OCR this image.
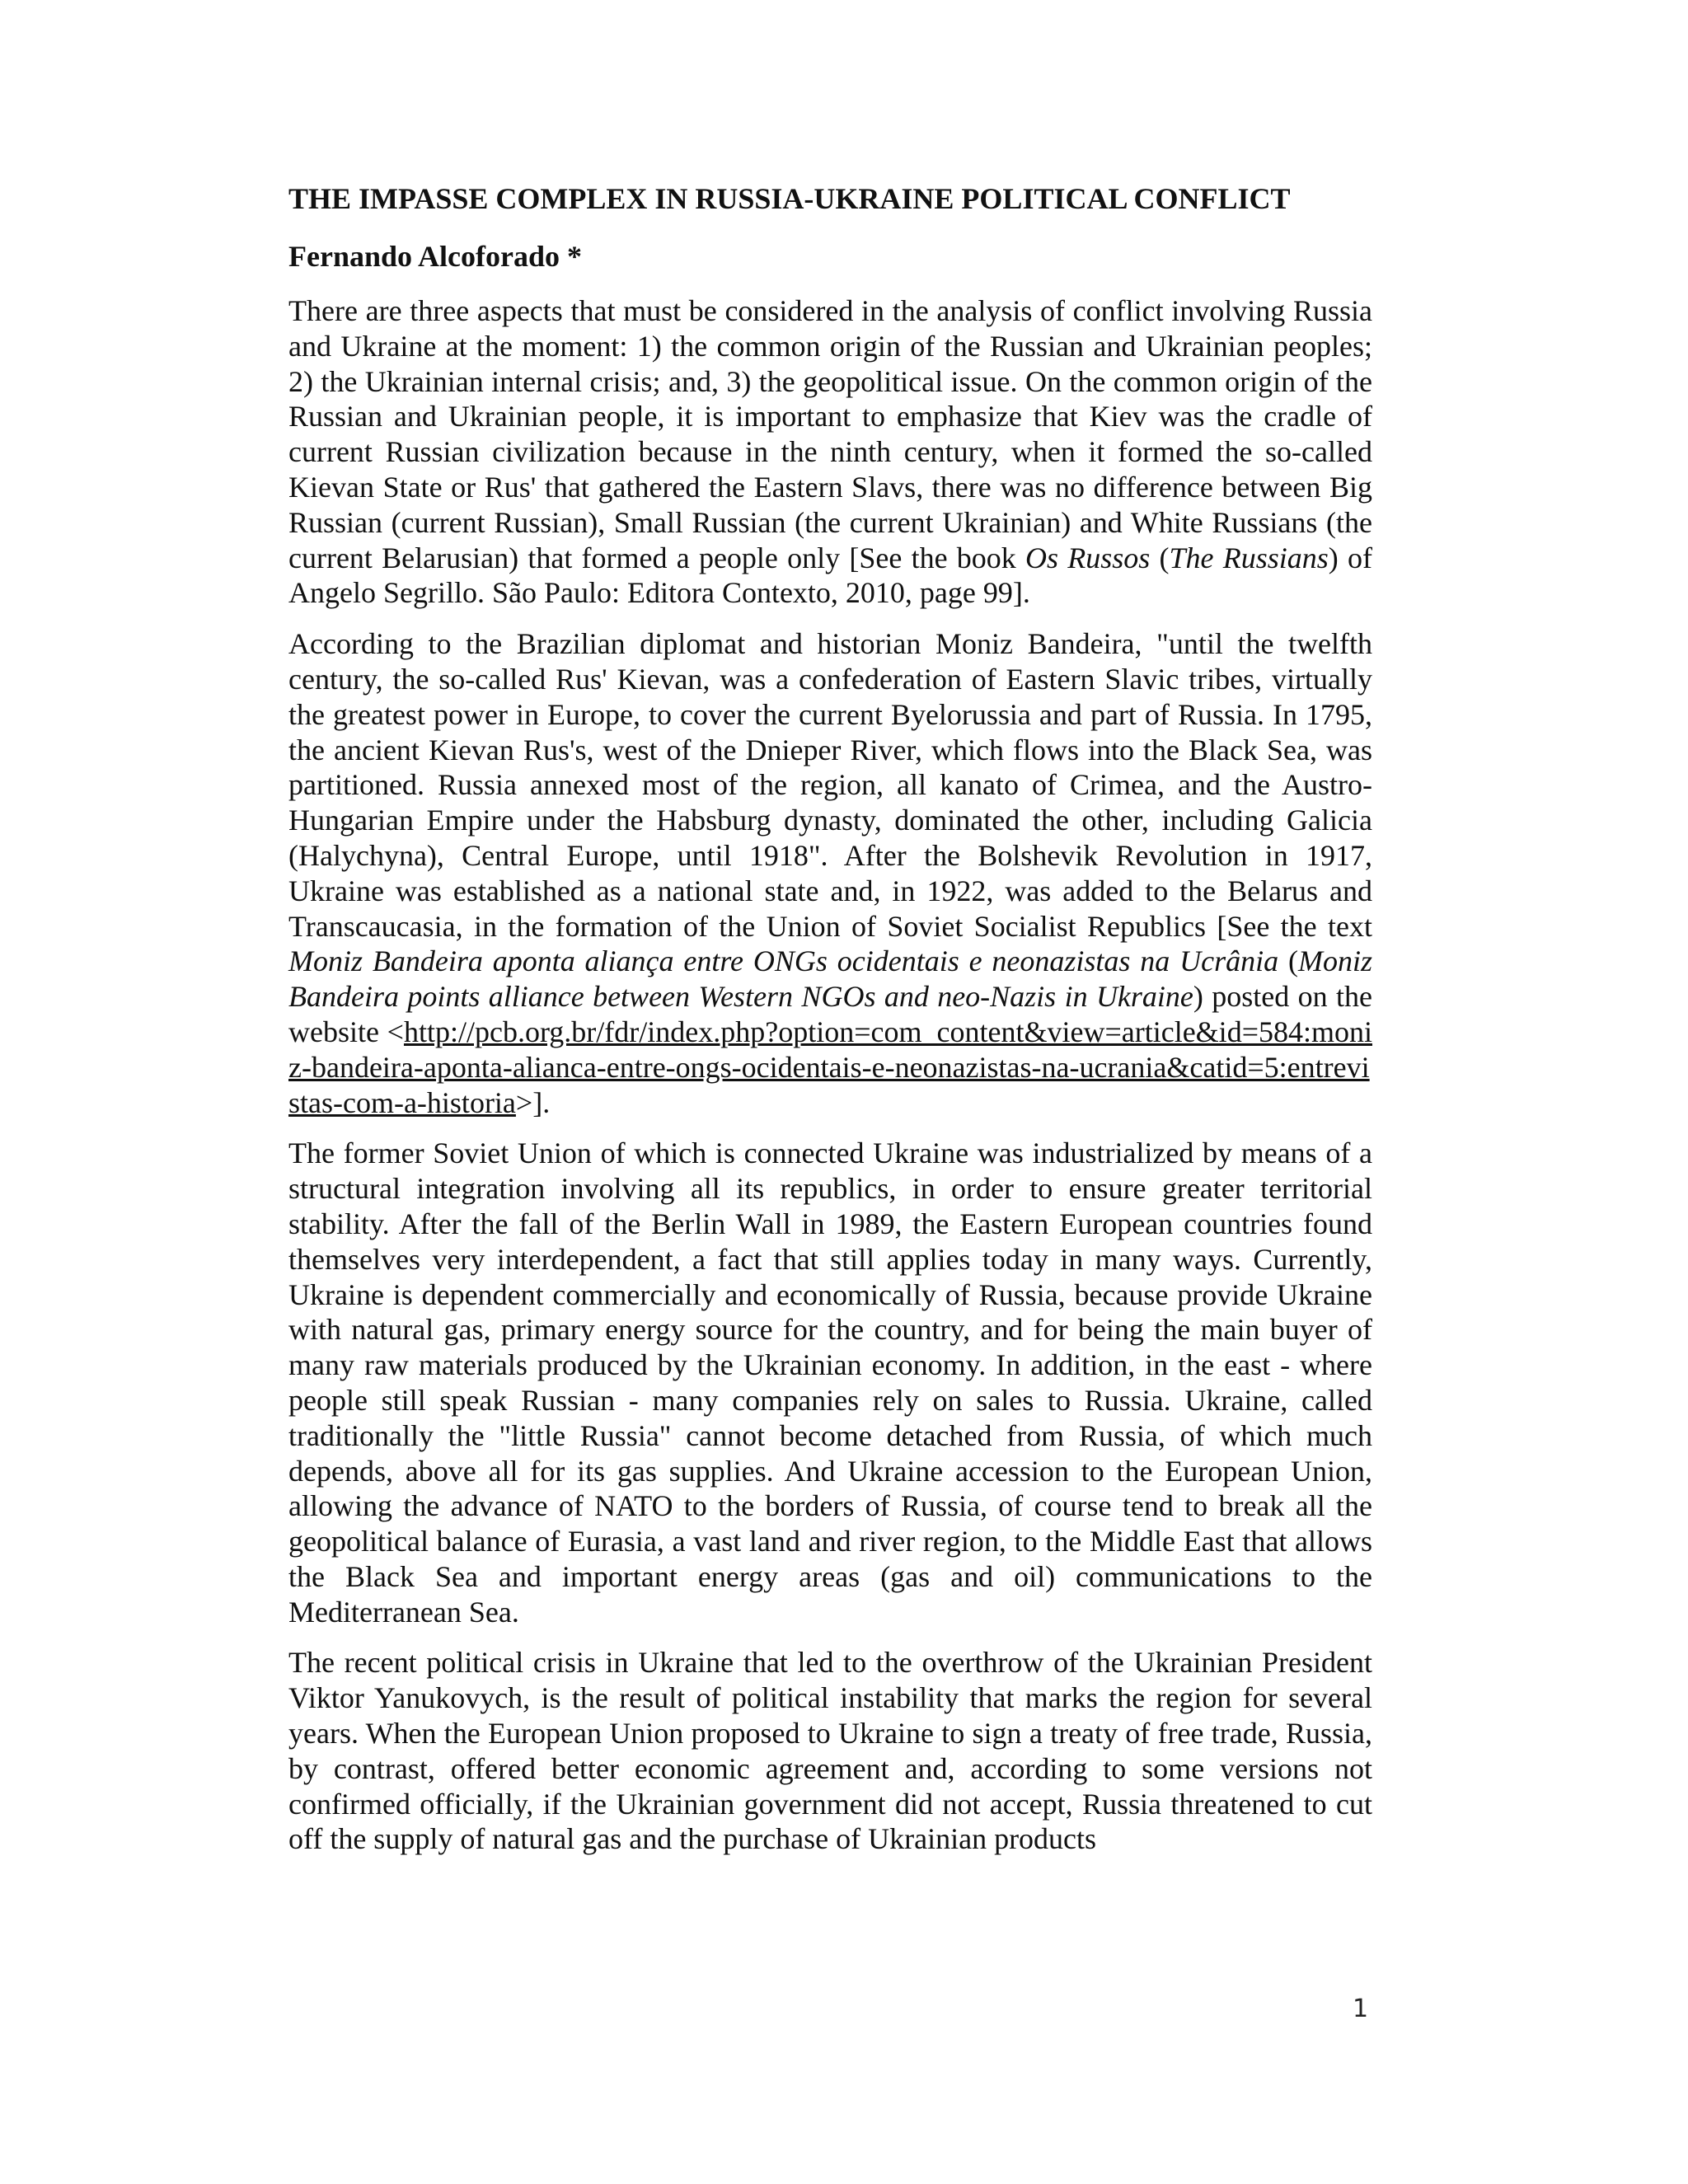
THE IMPASSE COMPLEX IN RUSSIA-UKRAINE POLITICAL CONFLICT
Fernando Alcoforado *
There are three aspects that must be considered in the analysis of conflict involving Russia and Ukraine at the moment: 1) the common origin of the Russian and Ukrainian peoples; 2) the Ukrainian internal crisis; and, 3) the geopolitical issue. On the common origin of the Russian and Ukrainian people, it is important to emphasize that Kiev was the cradle of current Russian civilization because in the ninth century, when it formed the so-called Kievan State or Rus' that gathered the Eastern Slavs, there was no difference between Big Russian (current Russian), Small Russian (the current Ukrainian) and White Russians (the current Belarusian) that formed a people only [See the book Os Russos (The Russians) of Angelo Segrillo. São Paulo: Editora Contexto, 2010, page 99].
According to the Brazilian diplomat and historian Moniz Bandeira, "until the twelfth century, the so-called Rus' Kievan, was a confederation of Eastern Slavic tribes, virtually the greatest power in Europe, to cover the current Byelorussia and part of Russia. In 1795, the ancient Kievan Rus's, west of the Dnieper River, which flows into the Black Sea, was partitioned. Russia annexed most of the region, all kanato of Crimea, and the Austro-Hungarian Empire under the Habsburg dynasty, dominated the other, including Galicia (Halychyna), Central Europe, until 1918". After the Bolshevik Revolution in 1917, Ukraine was established as a national state and, in 1922, was added to the Belarus and Transcaucasia, in the formation of the Union of Soviet Socialist Republics [See the text Moniz Bandeira aponta aliança entre ONGs ocidentais e neonazistas na Ucrânia (Moniz Bandeira points alliance between Western NGOs and neo-Nazis in Ukraine) posted on the website <http://pcb.org.br/fdr/index.php?option=com_content&view=article&id=584:moniz-bandeira-aponta-alianca-entre-ongs-ocidentais-e-neonazistas-na-ucrania&catid=5:entrevistas-com-a-historia>].
The former Soviet Union of which is connected Ukraine was industrialized by means of a structural integration involving all its republics, in order to ensure greater territorial stability. After the fall of the Berlin Wall in 1989, the Eastern European countries found themselves very interdependent, a fact that still applies today in many ways. Currently, Ukraine is dependent commercially and economically of Russia, because provide Ukraine with natural gas, primary energy source for the country, and for being the main buyer of many raw materials produced by the Ukrainian economy. In addition, in the east - where people still speak Russian - many companies rely on sales to Russia. Ukraine, called traditionally the "little Russia" cannot become detached from Russia, of which much depends, above all for its gas supplies. And Ukraine accession to the European Union, allowing the advance of NATO to the borders of Russia, of course tend to break all the geopolitical balance of Eurasia, a vast land and river region, to the Middle East that allows the Black Sea and important energy areas (gas and oil) communications to the Mediterranean Sea.
The recent political crisis in Ukraine that led to the overthrow of the Ukrainian President Viktor Yanukovych, is the result of political instability that marks the region for several years. When the European Union proposed to Ukraine to sign a treaty of free trade, Russia, by contrast, offered better economic agreement and, according to some versions not confirmed officially, if the Ukrainian government did not accept, Russia threatened to cut off the supply of natural gas and the purchase of Ukrainian products
1
